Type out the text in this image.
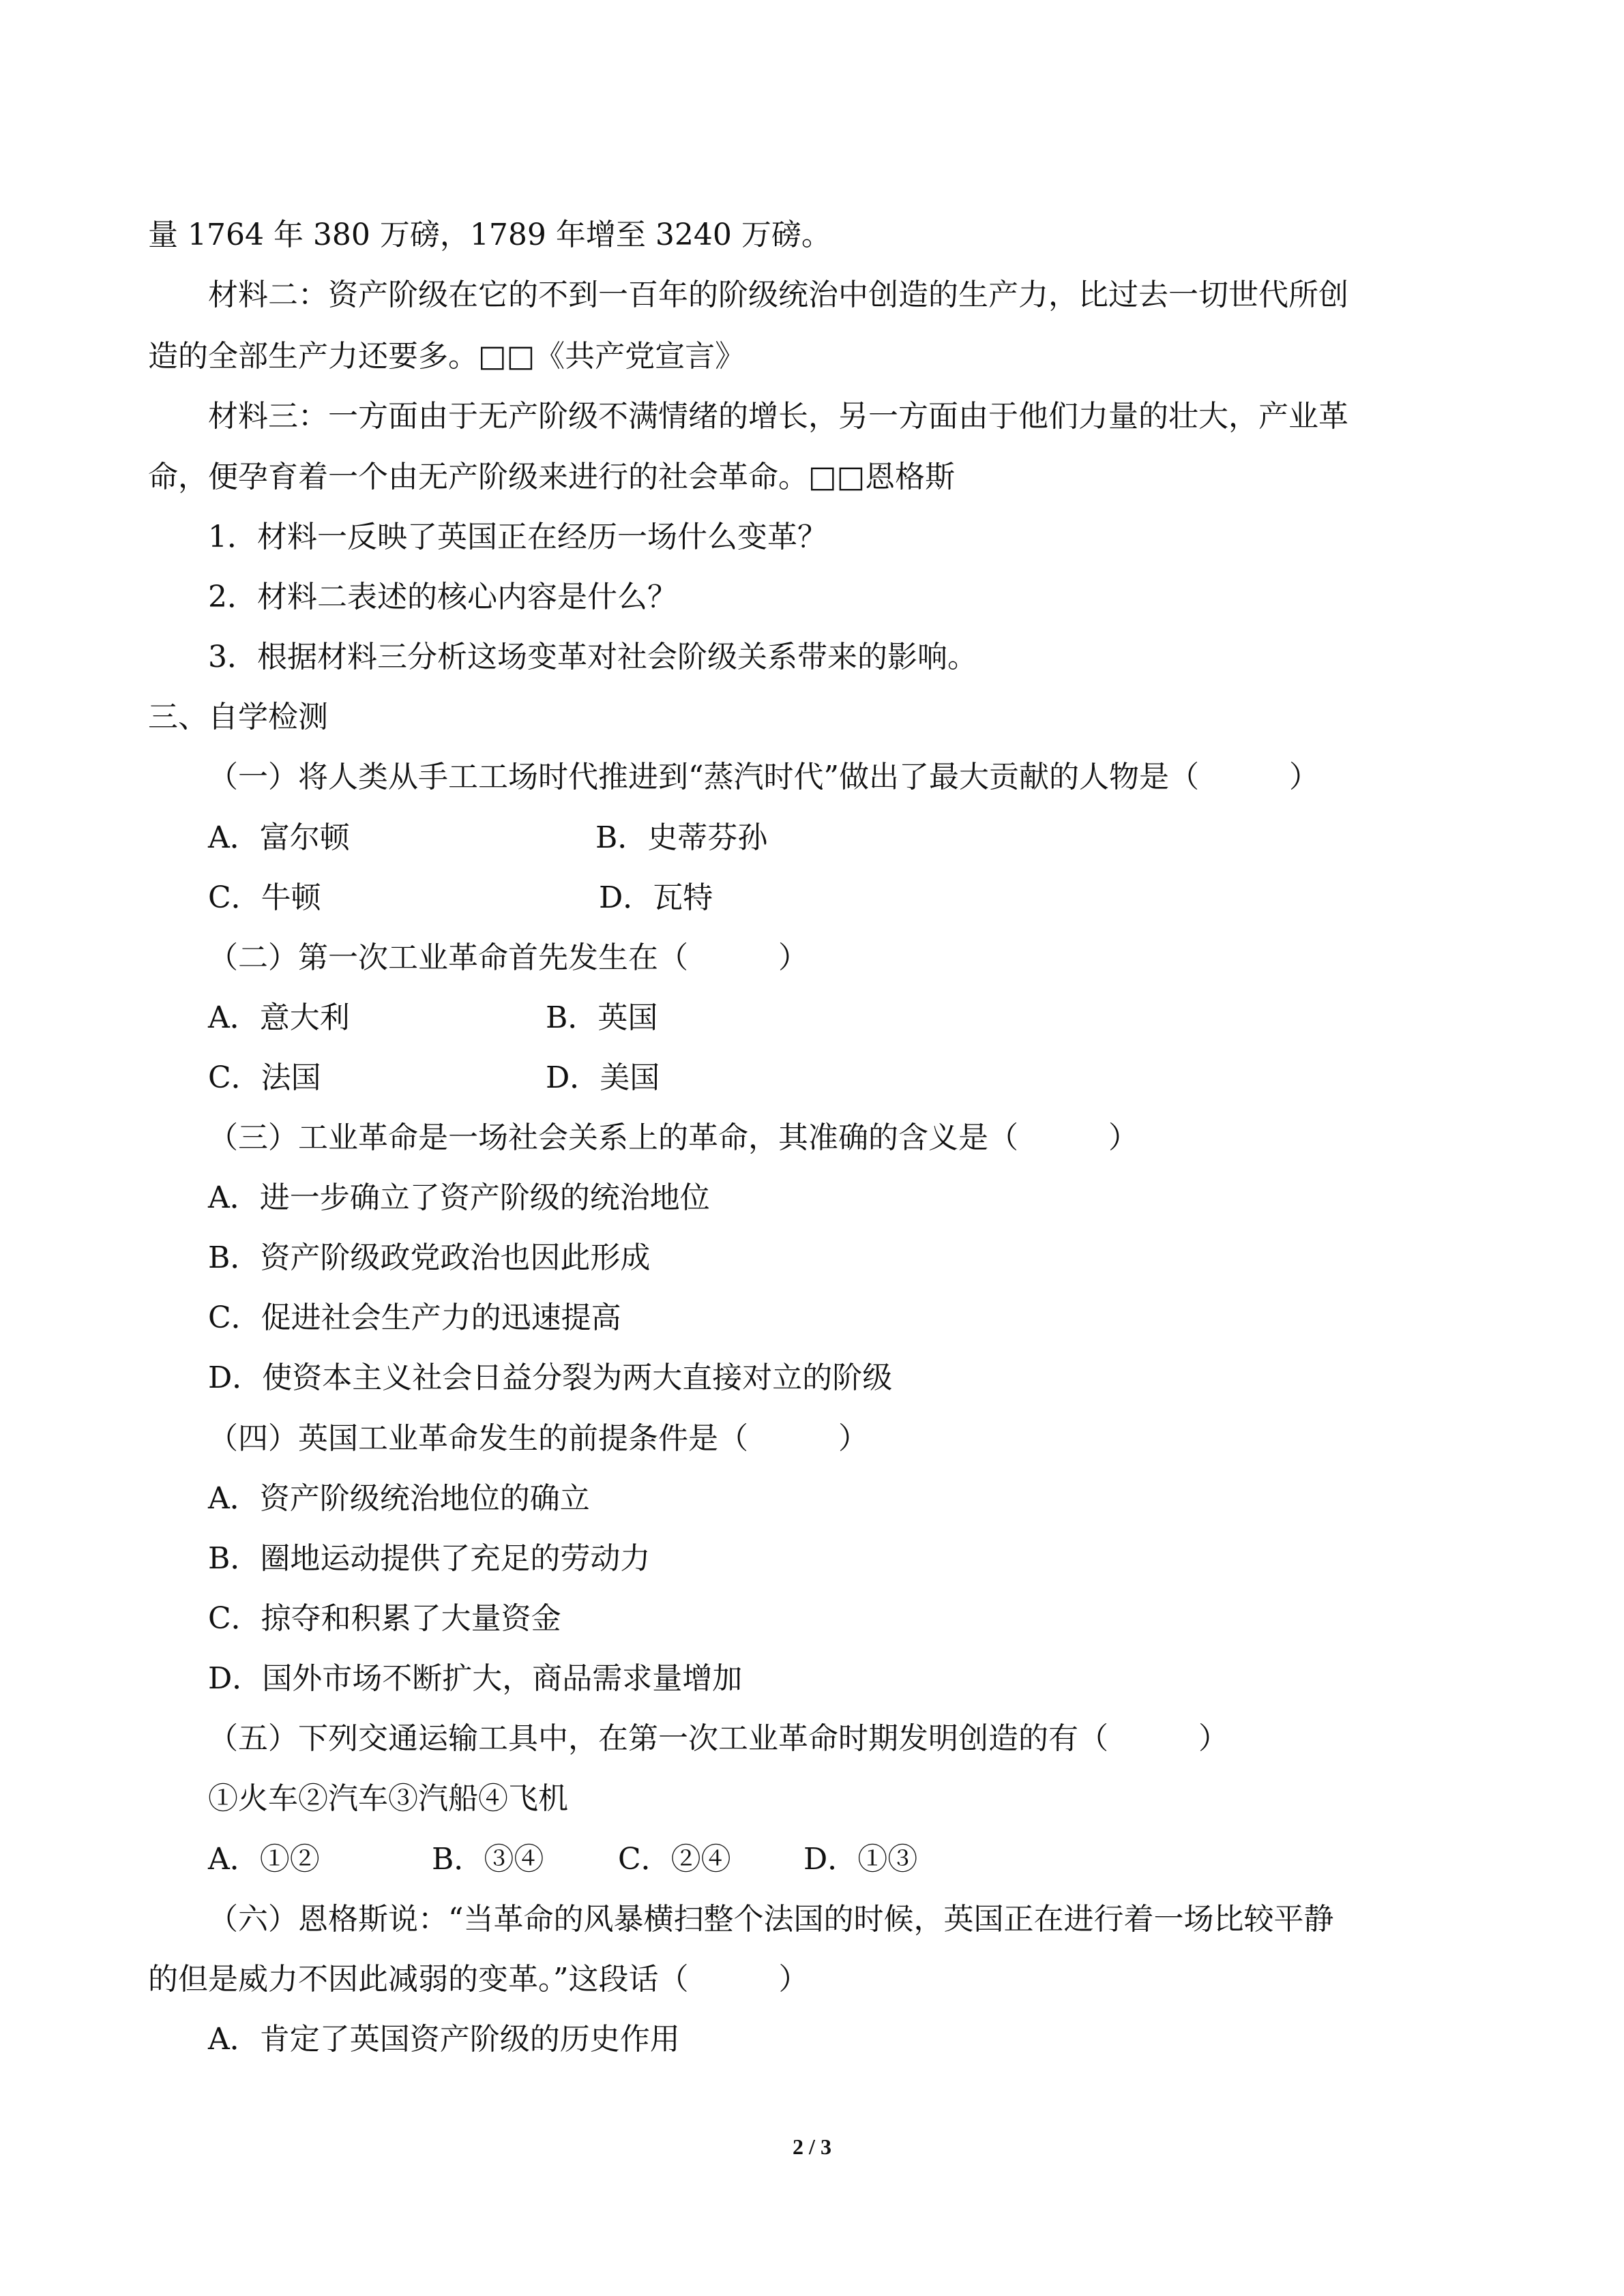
量 1764 年 380 万磅，1789 年增至 3240 万磅。
材料二：资产阶级在它的不到一百年的阶级统治中创造的生产力，比过去一切世代所创
造的全部生产力还要多。□□《共产党宣言》
材料三：一方面由于无产阶级不满情绪的增长，另一方面由于他们力量的壮大，产业革
命，便孕育着一个由无产阶级来进行的社会革命。□□恩格斯
1．材料一反映了英国正在经历一场什么变革？
2．材料二表述的核心内容是什么？
3．根据材料三分析这场变革对社会阶级关系带来的影响。
三、自学检测
（一）将人类从手工工场时代推进到“蒸汽时代”做出了最大贡献的人物是（　　　）
A．富尔顿	B．史蒂芬孙
C．牛顿	D．瓦特
（二）第一次工业革命首先发生在（　　　）
A．意大利	B．英国
C．法国	D．美国
（三）工业革命是一场社会关系上的革命，其准确的含义是（　　　）
A．进一步确立了资产阶级的统治地位
B．资产阶级政党政治也因此形成
C．促进社会生产力的迅速提高
D．使资本主义社会日益分裂为两大直接对立的阶级
（四）英国工业革命发生的前提条件是（　　　）
A．资产阶级统治地位的确立
B．圈地运动提供了充足的劳动力
C．掠夺和积累了大量资金
D．国外市场不断扩大，商品需求量增加
（五）下列交通运输工具中，在第一次工业革命时期发明创造的有（　　　）
①火车②汽车③汽船④飞机
A．①②	B．③④ C．②④ D．①③
（六）恩格斯说：“当革命的风暴横扫整个法国的时候，英国正在进行着一场比较平静
的但是威力不因此减弱的变革。”这段话（　　　）
A．肯定了英国资产阶级的历史作用
2 / 3
